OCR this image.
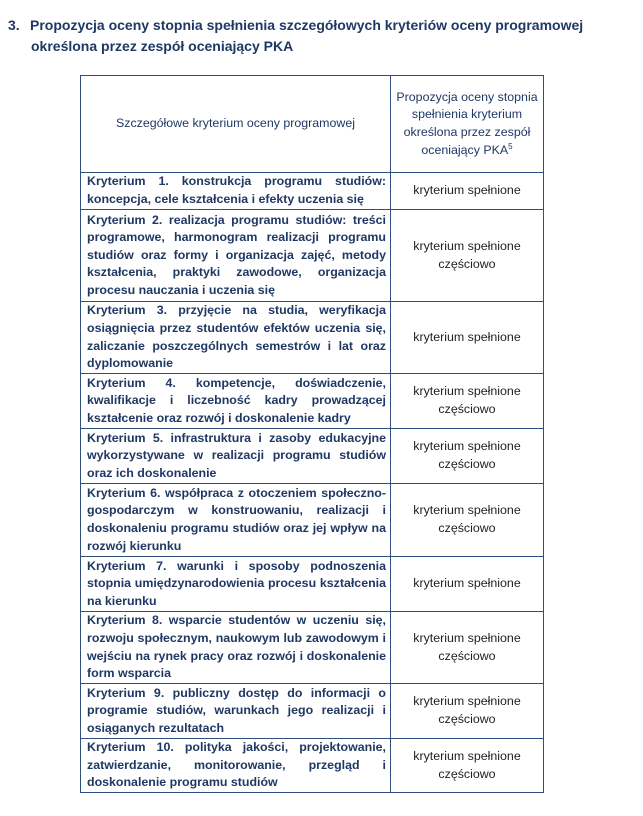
3. Propozycja oceny stopnia spełnienia szczegółowych kryteriów oceny programowej
określona przez zespół oceniający PKA
Szczegółowe kryterium oceny programowej	Propozycja oceny stopnia spełnienia kryterium określona przez zespół oceniający PKA$^5$
Kryterium 1. konstrukcja programu studiów: koncepcja, cele kształcenia i efekty uczenia się	kryterium spełnione
Kryterium 2. realizacja programu studiów: treści programowe, harmonogram realizacji programu studiów oraz formy i organizacja zajęć, metody kształcenia, praktyki zawodowe, organizacja procesu nauczania i uczenia się	kryterium spełnione częściowo
Kryterium 3. przyjęcie na studia, weryfikacja osiągnięcia przez studentów efektów uczenia się, zaliczanie poszczególnych semestrów i lat oraz dyplomowanie	kryterium spełnione
Kryterium 4. kompetencje, doświadczenie, kwalifikacje i liczebność kadry prowadzącej kształcenie oraz rozwój i doskonalenie kadry	kryterium spełnione częściowo
Kryterium 5. infrastruktura i zasoby edukacyjne wykorzystywane w realizacji programu studiów oraz ich doskonalenie	kryterium spełnione częściowo
Kryterium 6. współpraca z otoczeniem społeczno-gospodarczym w konstruowaniu, realizacji i doskonaleniu programu studiów oraz jej wpływ na rozwój kierunku	kryterium spełnione częściowo
Kryterium 7. warunki i sposoby podnoszenia stopnia umiędzynarodowienia procesu kształcenia na kierunku	kryterium spełnione
Kryterium 8. wsparcie studentów w uczeniu się, rozwoju społecznym, naukowym lub zawodowym i wejściu na rynek pracy oraz rozwój i doskonalenie form wsparcia	kryterium spełnione częściowo
Kryterium 9. publiczny dostęp do informacji o programie studiów, warunkach jego realizacji i osiąganych rezultatach	kryterium spełnione częściowo
Kryterium 10. polityka jakości, projektowanie, zatwierdzanie, monitorowanie, przegląd i doskonalenie programu studiów	kryterium spełnione częściowo
